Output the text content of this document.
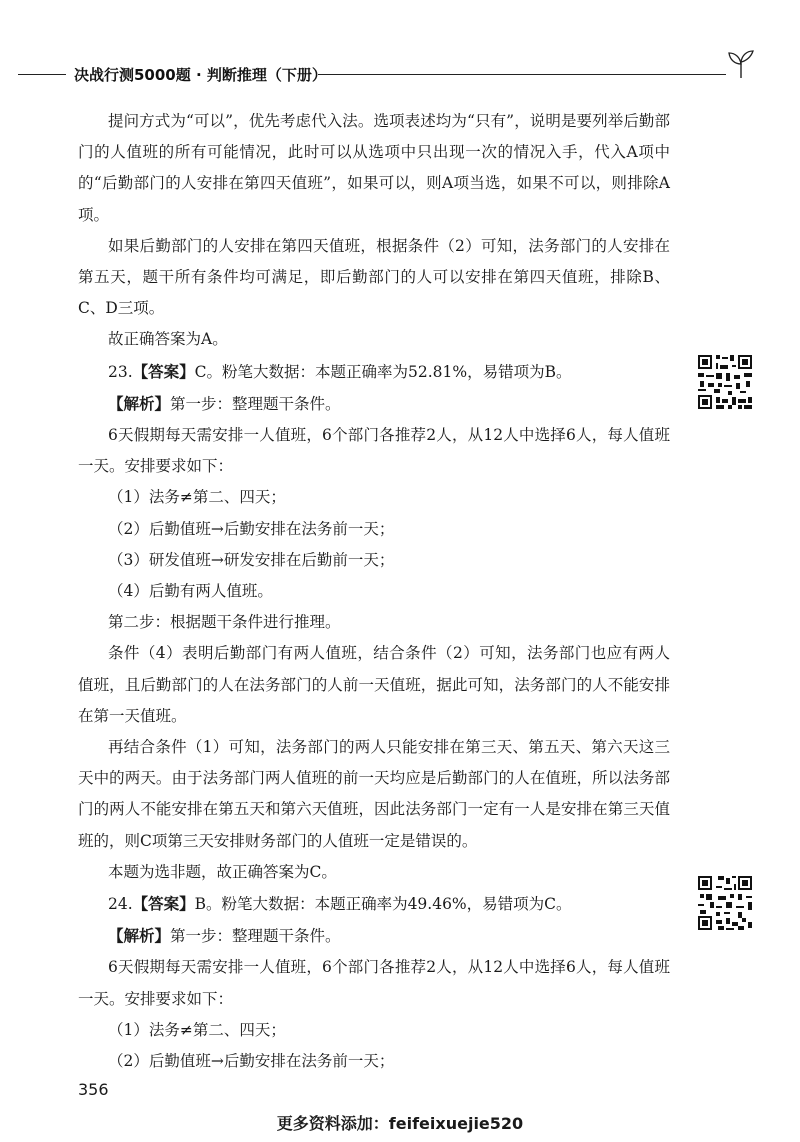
决战行测5000题 · 判断推理（下册）

提问方式为“可以”，优先考虑代入法。选项表述均为“只有”，说明是要列举后勤部门的人值班的所有可能情况，此时可以从选项中只出现一次的情况入手，代入A项中的“后勤部门的人安排在第四天值班”，如果可以，则A项当选，如果不可以，则排除A项。

如果后勤部门的人安排在第四天值班，根据条件（2）可知，法务部门的人安排在第五天，题干所有条件均可满足，即后勤部门的人可以安排在第四天值班，排除B、C、D三项。

故正确答案为A。

23.【答案】C。粉笔大数据：本题正确率为52.81%，易错项为B。

【解析】第一步：整理题干条件。

6天假期每天需安排一人值班，6个部门各推荐2人，从12人中选择6人，每人值班一天。安排要求如下：

（1）法务≠第二、四天；

（2）后勤值班→后勤安排在法务前一天；

（3）研发值班→研发安排在后勤前一天；

（4）后勤有两人值班。

第二步：根据题干条件进行推理。

条件（4）表明后勤部门有两人值班，结合条件（2）可知，法务部门也应有两人值班，且后勤部门的人在法务部门的人前一天值班，据此可知，法务部门的人不能安排在第一天值班。

再结合条件（1）可知，法务部门的两人只能安排在第三天、第五天、第六天这三天中的两天。由于法务部门两人值班的前一天均应是后勤部门的人在值班，所以法务部门的两人不能安排在第五天和第六天值班，因此法务部门一定有一人是安排在第三天值班的，则C项第三天安排财务部门的人值班一定是错误的。

本题为选非题，故正确答案为C。

24.【答案】B。粉笔大数据：本题正确率为49.46%，易错项为C。

【解析】第一步：整理题干条件。

6天假期每天需安排一人值班，6个部门各推荐2人，从12人中选择6人，每人值班一天。安排要求如下：

（1）法务≠第二、四天；

（2）后勤值班→后勤安排在法务前一天；

356
更多资料添加：feifeixuejie520
